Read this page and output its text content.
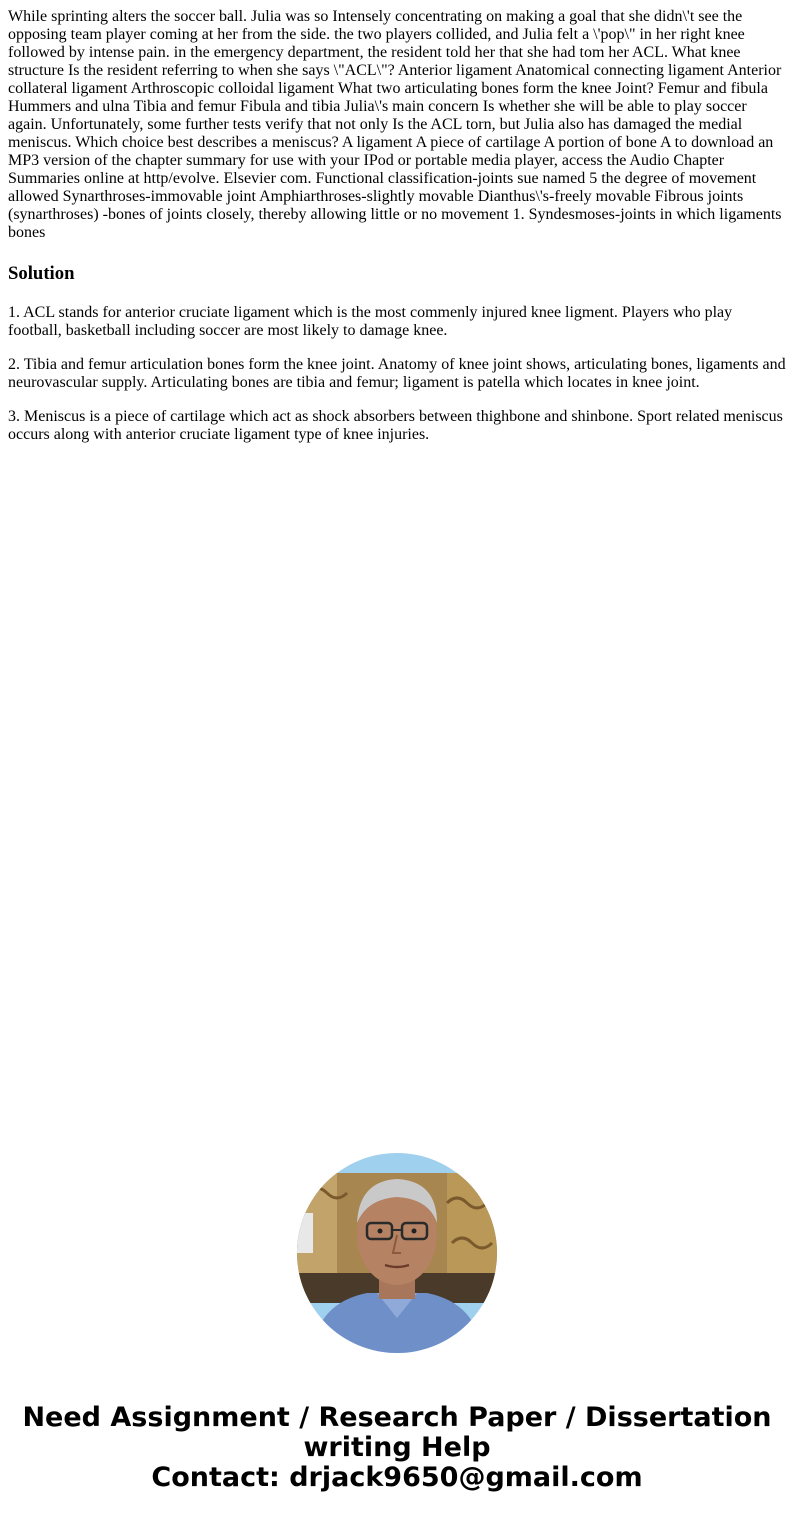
While sprinting alters the soccer ball. Julia was so Intensely concentrating on making a goal that she didn\'t see the opposing team player coming at her from the side. the two players collided, and Julia felt a \'pop\" in her right knee followed by intense pain. in the emergency department, the resident told her that she had tom her ACL. What knee structure Is the resident referring to when she says \"ACL\"? Anterior ligament Anatomical connecting ligament Anterior collateral ligament Arthroscopic colloidal ligament What two articulating bones form the knee Joint? Femur and fibula Hummers and ulna Tibia and femur Fibula and tibia Julia\'s main concern Is whether she will be able to play soccer again. Unfortunately, some further tests verify that not only Is the ACL torn, but Julia also has damaged the medial meniscus. Which choice best describes a meniscus? A ligament A piece of cartilage A portion of bone A to download an MP3 version of the chapter summary for use with your IPod or portable media player, access the Audio Chapter Summaries online at http/evolve. Elsevier com. Functional classification-joints sue named 5 the degree of movement allowed Synarthroses-immovable joint Amphiarthroses-slightly movable Dianthus\'s-freely movable Fibrous joints (synarthroses) -bones of joints closely, thereby allowing little or no movement 1. Syndesmoses-joints in which ligaments bones

Solution

1. ACL stands for anterior cruciate ligament which is the most commenly injured knee ligment. Players who play football, basketball including soccer are most likely to damage knee.

2. Tibia and femur articulation bones form the knee joint. Anatomy of knee joint shows, articulating bones, ligaments and neurovascular supply. Articulating bones are tibia and femur; ligament is patella which locates in knee joint.

3. Meniscus is a piece of cartilage which act as shock absorbers between thighbone and shinbone. Sport related meniscus occurs along with anterior cruciate ligament type of knee injuries.

Need Assignment / Research Paper / Dissertation
writing Help
Contact: drjack9650@gmail.com
